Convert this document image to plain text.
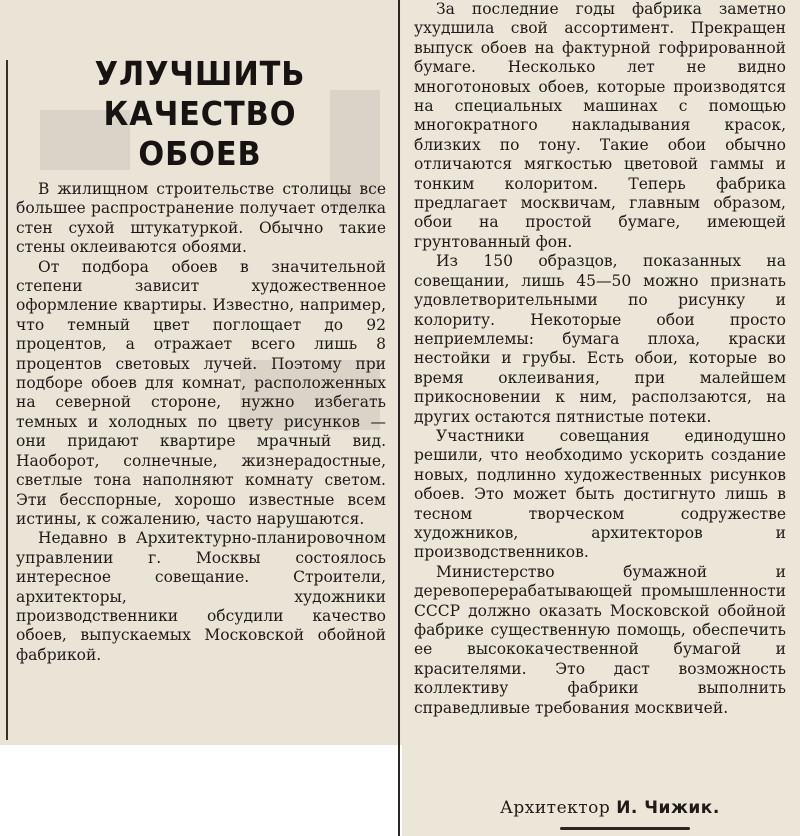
УЛУЧШИТЬ
КАЧЕСТВО
ОБОЕВ

В жилищном строительстве столицы все большее распространение получает отделка стен сухой штукатуркой. Обычно такие стены оклеиваются обоями.

От подбора обоев в значительной степени зависит художественное оформление квартиры. Известно, например, что темный цвет поглощает до 92 процентов, а отражает всего лишь 8 процентов световых лучей. Поэтому при подборе обоев для комнат, расположенных на северной стороне, нужно избегать темных и холодных по цвету рисунков — они придают квартире мрачный вид. Наоборот, солнечные, жизнерадостные, светлые тона наполняют комнату светом. Эти бесспорные, хорошо известные всем истины, к сожалению, часто нарушаются.

Недавно в Архитектурно-планировочном управлении г. Москвы состоялось интересное совещание. Строители, архитекторы, художники производственники обсудили качество обоев, выпускаемых Московской обойной фабрикой.

За последние годы фабрика заметно ухудшила свой ассортимент. Прекращен выпуск обоев на фактурной гофрированной бумаге. Несколько лет не видно многотоновых обоев, которые производятся на специальных машинах с помощью многократного накладывания красок, близких по тону. Такие обои обычно отличаются мягкостью цветовой гаммы и тонким колоритом. Теперь фабрика предлагает москвичам, главным образом, обои на простой бумаге, имеющей грунтованный фон.

Из 150 образцов, показанных на совещании, лишь 45—50 можно признать удовлетворительными по рисунку и колориту. Некоторые обои просто неприемлемы: бумага плоха, краски нестойки и грубы. Есть обои, которые во время оклеивания, при малейшем прикосновении к ним, расползаются, на других остаются пятнистые потеки.

Участники совещания единодушно решили, что необходимо ускорить создание новых, подлинно художественных рисунков обоев. Это может быть достигнуто лишь в тесном творческом содружестве художников, архитекторов и производственников.

Министерство бумажной и деревоперерабатывающей промышленности СССР должно оказать Московской обойной фабрике существенную помощь, обеспечить ее высококачественной бумагой и красителями. Это даст возможность коллективу фабрики выполнить справедливые требования москвичей.

Архитектор И. Чижик.
